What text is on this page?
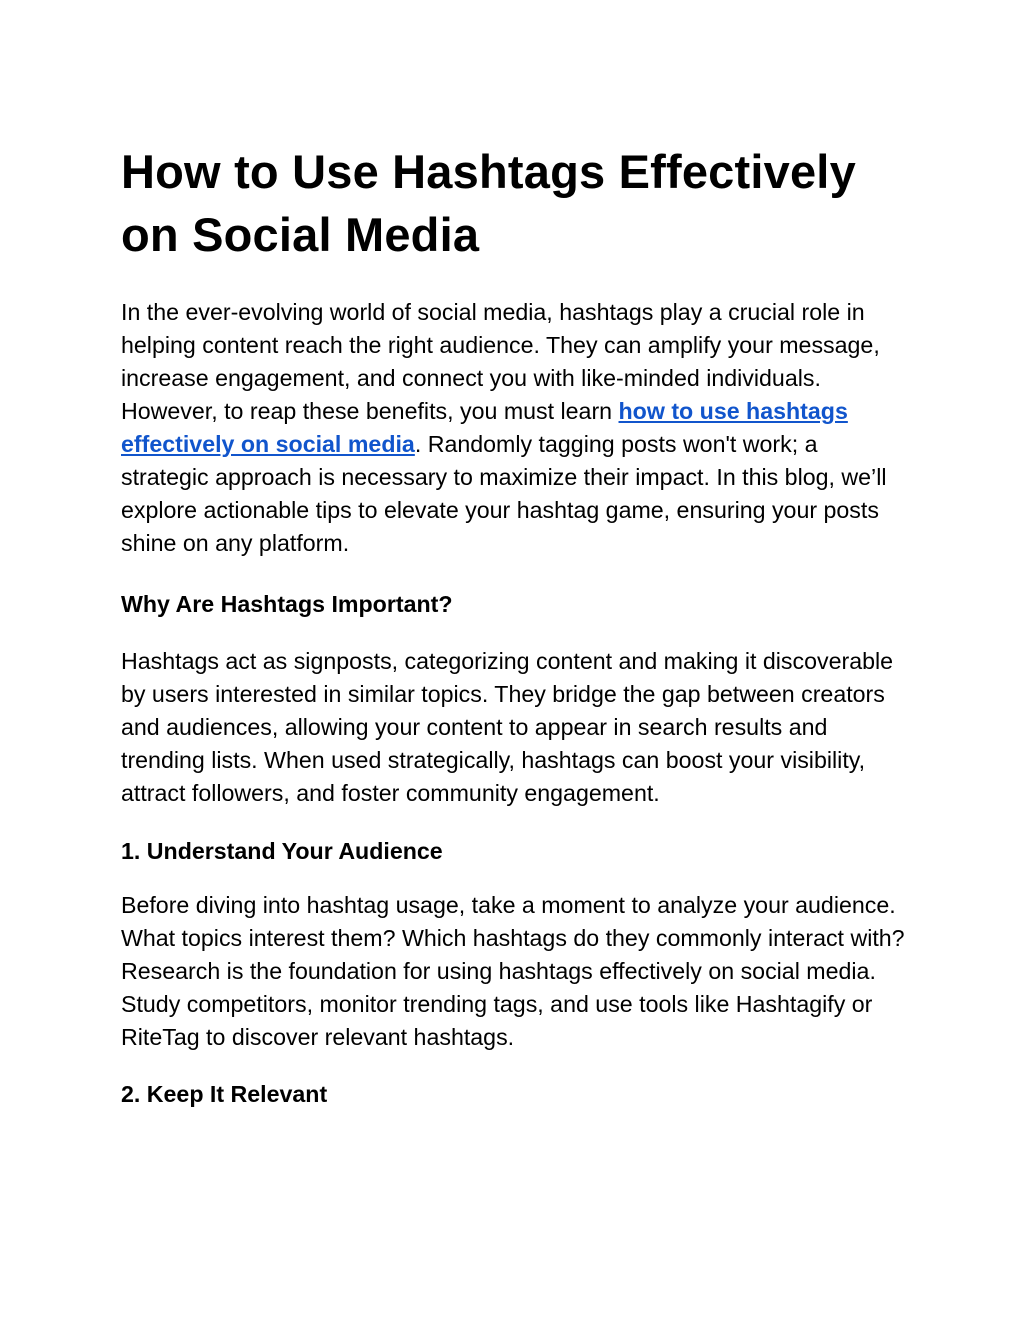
How to Use Hashtags Effectively on Social Media

In the ever-evolving world of social media, hashtags play a crucial role in helping content reach the right audience. They can amplify your message, increase engagement, and connect you with like-minded individuals. However, to reap these benefits, you must learn how to use hashtags effectively on social media. Randomly tagging posts won't work; a strategic approach is necessary to maximize their impact. In this blog, we’ll explore actionable tips to elevate your hashtag game, ensuring your posts shine on any platform.

Why Are Hashtags Important?

Hashtags act as signposts, categorizing content and making it discoverable by users interested in similar topics. They bridge the gap between creators and audiences, allowing your content to appear in search results and trending lists. When used strategically, hashtags can boost your visibility, attract followers, and foster community engagement.

1. Understand Your Audience

Before diving into hashtag usage, take a moment to analyze your audience. What topics interest them? Which hashtags do they commonly interact with? Research is the foundation for using hashtags effectively on social media. Study competitors, monitor trending tags, and use tools like Hashtagify or RiteTag to discover relevant hashtags.

2. Keep It Relevant
